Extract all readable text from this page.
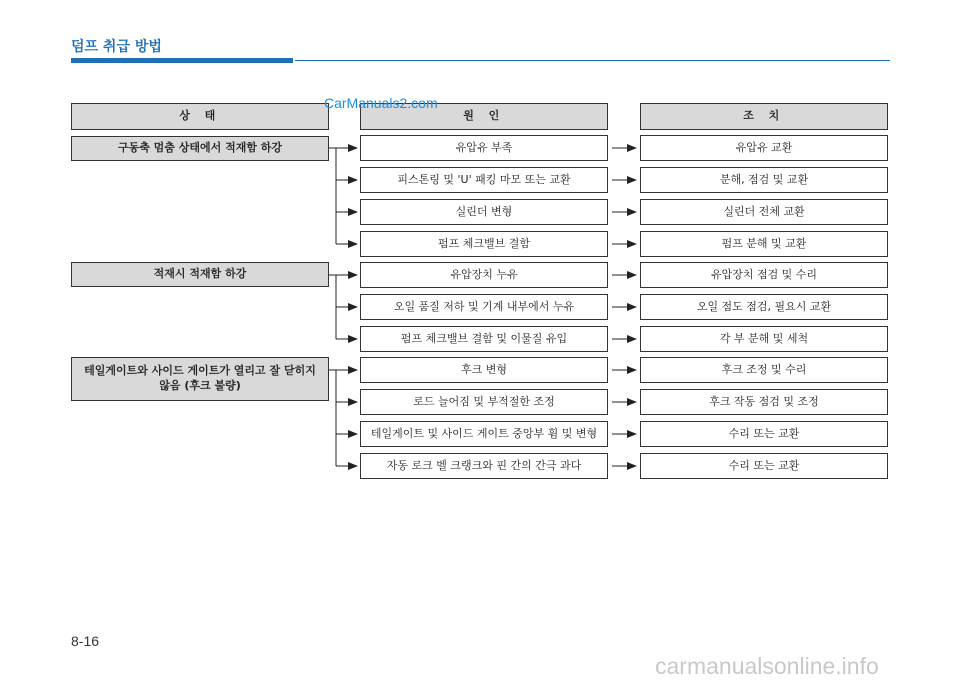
덤프 취급 방법
상 태	원 인	조 치
CarManuals2.com
구동축 멈춤 상태에서 적재함 하강
적재시 적재함 하강
테일게이트와 사이드 게이트가 열리고 잘 닫히지 않음 (후크 불량)
유압유 부족
피스톤링 및 'U' 패킹 마모 또는 교환
실린더 변형
펌프 체크밸브 결함
유압장치 누유
오일 품질 저하 및 기계 내부에서 누유
펌프 체크밸브 결함 및 이물질 유입
후크 변형
로드 늘어짐 및 부적절한 조정
테일게이트 및 사이드 게이트 중앙부 휨 및 변형
자동 로크 벨 크랭크와 핀 간의 간극 과다
유압유 교환
분해, 점검 및 교환
실린더 전체 교환
펌프 분해 및 교환
유압장치 점검 및 수리
오일 점도 점검, 필요시 교환
각 부 분해 및 세척
후크 조정 및 수리
후크 작동 점검 및 조정
수리 또는 교환
수리 또는 교환
8-16
carmanualsonline.info
